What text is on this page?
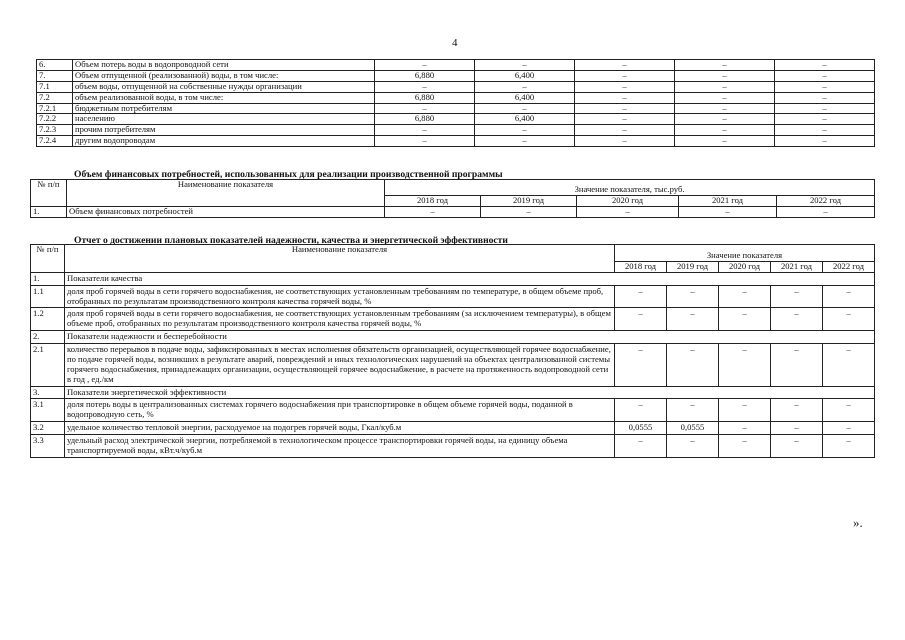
4
6.	Объем потерь воды в водопроводной сети	–	–	–	–	–
7.	Объем отпущенной (реализованной) воды, в том числе:	6,880	6,400	–	–	–
7.1	объем воды, отпущенной на собственные нужды организации	–	–	–	–	–
7.2	объем реализованной воды, в том числе:	6,880	6,400	–	–	–
7.2.1	бюджетным потребителям	–	–	–	–	–
7.2.2	населению	6,880	6,400	–	–	–
7.2.3	прочим потребителям	–	–	–	–	–
7.2.4	другим водопроводам	–	–	–	–	–
Объем финансовых потребностей, использованных для реализации производственной программы
№ п/п	Наименование показателя	Значение показателя, тыс.руб.				
		2018 год	2019 год	2020 год	2021 год	2022 год
1.	Объем финансовых потребностей	–	–	–	–	–
Отчет о достижении плановых показателей надежности, качества и энергетической эффективности
№ п/п	Наименование показателя	Значение показателя				
		2018 год	2019 год	2020 год	2021 год	2022 год
1.	Показатели качества					
1.1	доля проб горячей воды в сети горячего водоснабжения, не соответствующих установленным требованиям по температуре, в общем объеме проб, отобранных по результатам производственного контроля качества горячей воды, %	–	–	–	–	–
1.2	доля проб горячей воды в сети горячего водоснабжения, не соответствующих установленным требованиям (за исключением температуры), в общем объеме проб, отобранных по результатам производственного контроля качества горячей воды, %	–	–	–	–	–
2.	Показатели надежности и бесперебойности					
2.1	количество перерывов в подаче воды, зафиксированных в местах исполнения обязательств организацией, осуществляющей горячее водоснабжение, по подаче горячей воды, возникших в результате аварий, повреждений и иных технологических нарушений на объектах централизованной системы горячего водоснабжения, принадлежащих организации, осуществляющей горячее водоснабжение, в расчете на протяженность водопроводной сети в год , ед./км	–	–	–	–	–
3.	Показатели энергетической эффективности					
3.1	доля потерь воды в централизованных системах горячего водоснабжения при транспортировке в общем объеме горячей воды, поданной в водопроводную сеть, %	–	–	–	–	–
3.2	удельное количество тепловой энергии, расходуемое на подогрев горячей воды, Гкал/куб.м	0,0555	0,0555	–	–	–
3.3	удельный расход электрической энергии, потребляемой в технологическом процессе транспортировки горячей воды, на единицу объема транспортируемой воды, кВт.ч/куб.м	–	–	–	–	–
».
